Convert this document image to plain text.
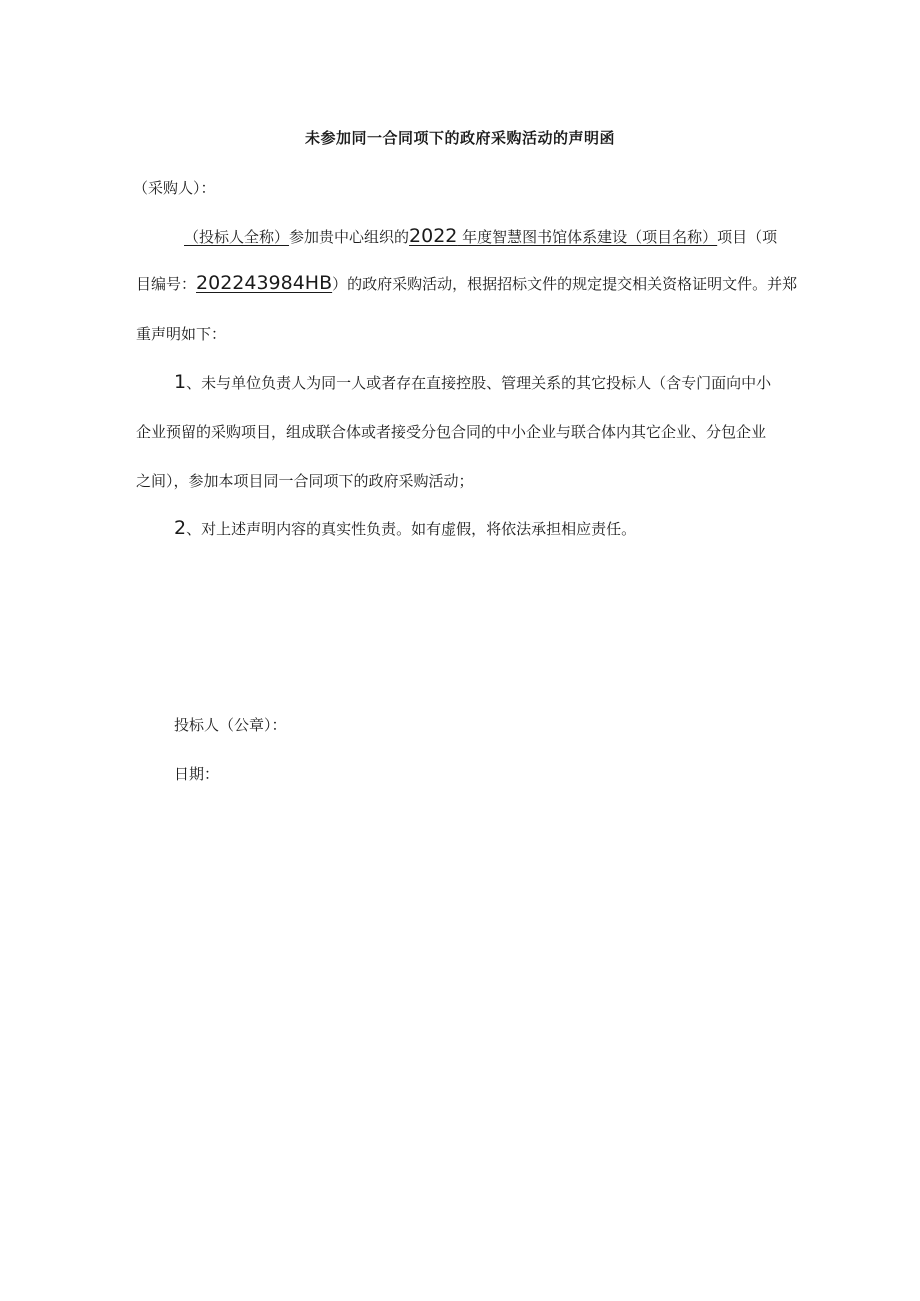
未参加同一合同项下的政府采购活动的声明函
（采购人）：
（投标人全称）参加贵中心组织的2022 年度智慧图书馆体系建设（项目名称）项目（项
目编号：202243984HB）的政府采购活动，根据招标文件的规定提交相关资格证明文件。并郑
重声明如下：
1、未与单位负责人为同一人或者存在直接控股、管理关系的其它投标人（含专门面向中小
企业预留的采购项目，组成联合体或者接受分包合同的中小企业与联合体内其它企业、分包企业
之间），参加本项目同一合同项下的政府采购活动；
2、对上述声明内容的真实性负责。如有虚假，将依法承担相应责任。
投标人（公章）：
日期：
